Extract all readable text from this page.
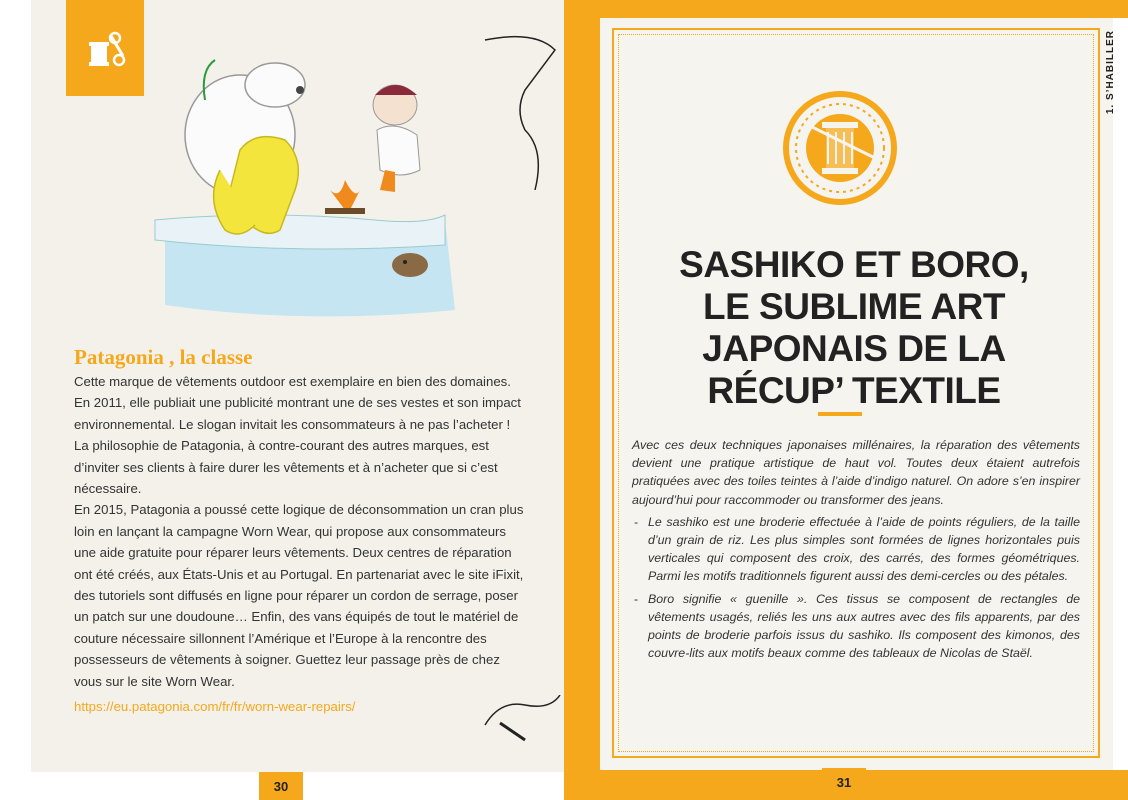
Patagonia , la classe

Cette marque de vêtements outdoor est exemplaire en bien des domaines. En 2011, elle publiait une publicité montrant une de ses vestes et son impact environnemental. Le slogan invitait les consommateurs à ne pas l’acheter ! La philosophie de Patagonia, à contre-courant des autres marques, est d’inviter ses clients à faire durer les vêtements et à n’acheter que si c’est nécessaire.

En 2015, Patagonia a poussé cette logique de déconsommation un cran plus loin en lançant la campagne Worn Wear, qui propose aux consommateurs une aide gratuite pour réparer leurs vêtements. Deux centres de réparation ont été créés, aux États-Unis et au Portugal. En partenariat avec le site iFixit, des tutoriels sont diffusés en ligne pour réparer un cordon de serrage, poser un patch sur une doudoune… Enfin, des vans équipés de tout le matériel de couture nécessaire sillonnent l’Amérique et l’Europe à la rencontre des possesseurs de vêtements à soigner. Guettez leur passage près de chez vous sur le site Worn Wear.

https://eu.patagonia.com/fr/fr/worn-wear-repairs/

30
1. S’HABILLER
SASHIKO ET BORO,
LE SUBLIME ART
JAPONAIS DE LA
RÉCUP’ TEXTILE

Avec ces deux techniques japonaises millénaires, la réparation des vêtements devient une pratique artistique de haut vol. Toutes deux étaient autrefois pratiquées avec des toiles teintes à l’aide d’indigo naturel. On adore s’en inspirer aujourd’hui pour raccommoder ou transformer des jeans.

- Le sashiko est une broderie effectuée à l’aide de points réguliers, de la taille d’un grain de riz. Les plus simples sont formées de lignes horizontales puis verticales qui composent des croix, des carrés, des formes géométriques. Parmi les motifs traditionnels figurent aussi des demi-cercles ou des pétales.
- Boro signifie « guenille ». Ces tissus se composent de rectangles de vêtements usagés, reliés les uns aux autres avec des fils apparents, par des points de broderie parfois issus du sashiko. Ils composent des kimonos, des couvre-lits aux motifs beaux comme des tableaux de Nicolas de Staël.
31
